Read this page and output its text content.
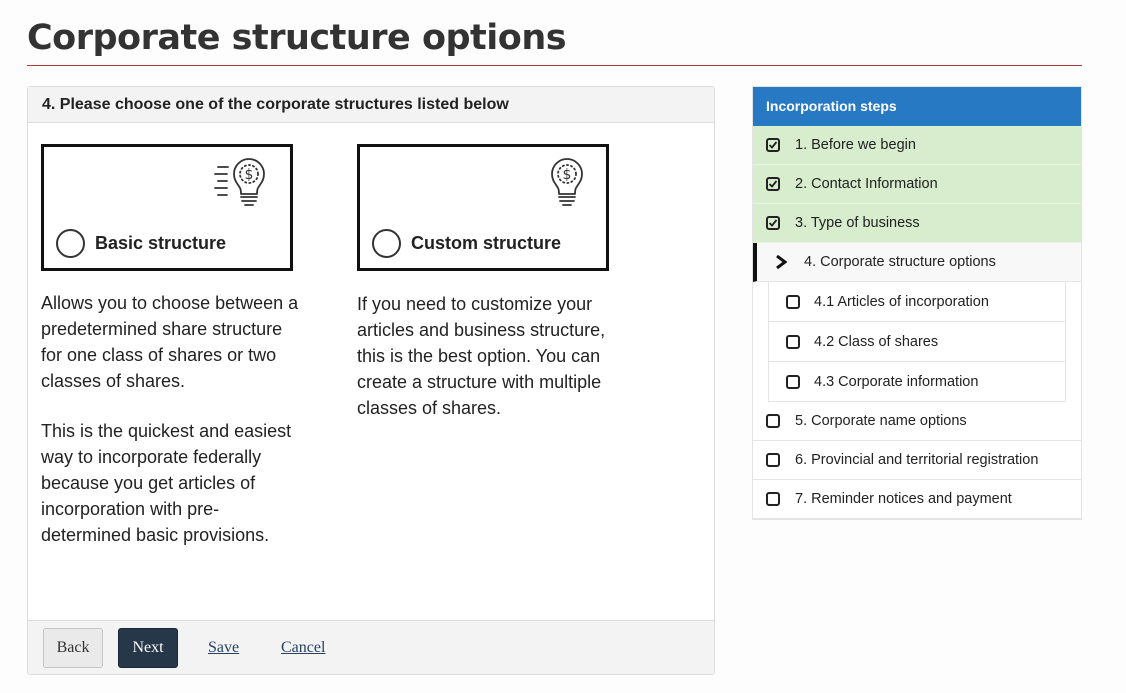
Corporate structure options
4. Please choose one of the corporate structures listed below
$
Basic structure
$
Custom structure

Allows you to choose between a predetermined share structure for one class of shares or two classes of shares.

This is the quickest and easiest way to incorporate federally because you get articles of incorporation with pre-determined basic provisions.

If you need to customize your articles and business structure, this is the best option. You can create a structure with multiple classes of shares.

Back	Next	Save	Cancel
Incorporation steps
1. Before we begin
2. Contact Information
3. Type of business
4. Corporate structure options
4.1 Articles of incorporation
4.2 Class of shares
4.3 Corporate information
5. Corporate name options
6. Provincial and territorial registration
7. Reminder notices and payment
